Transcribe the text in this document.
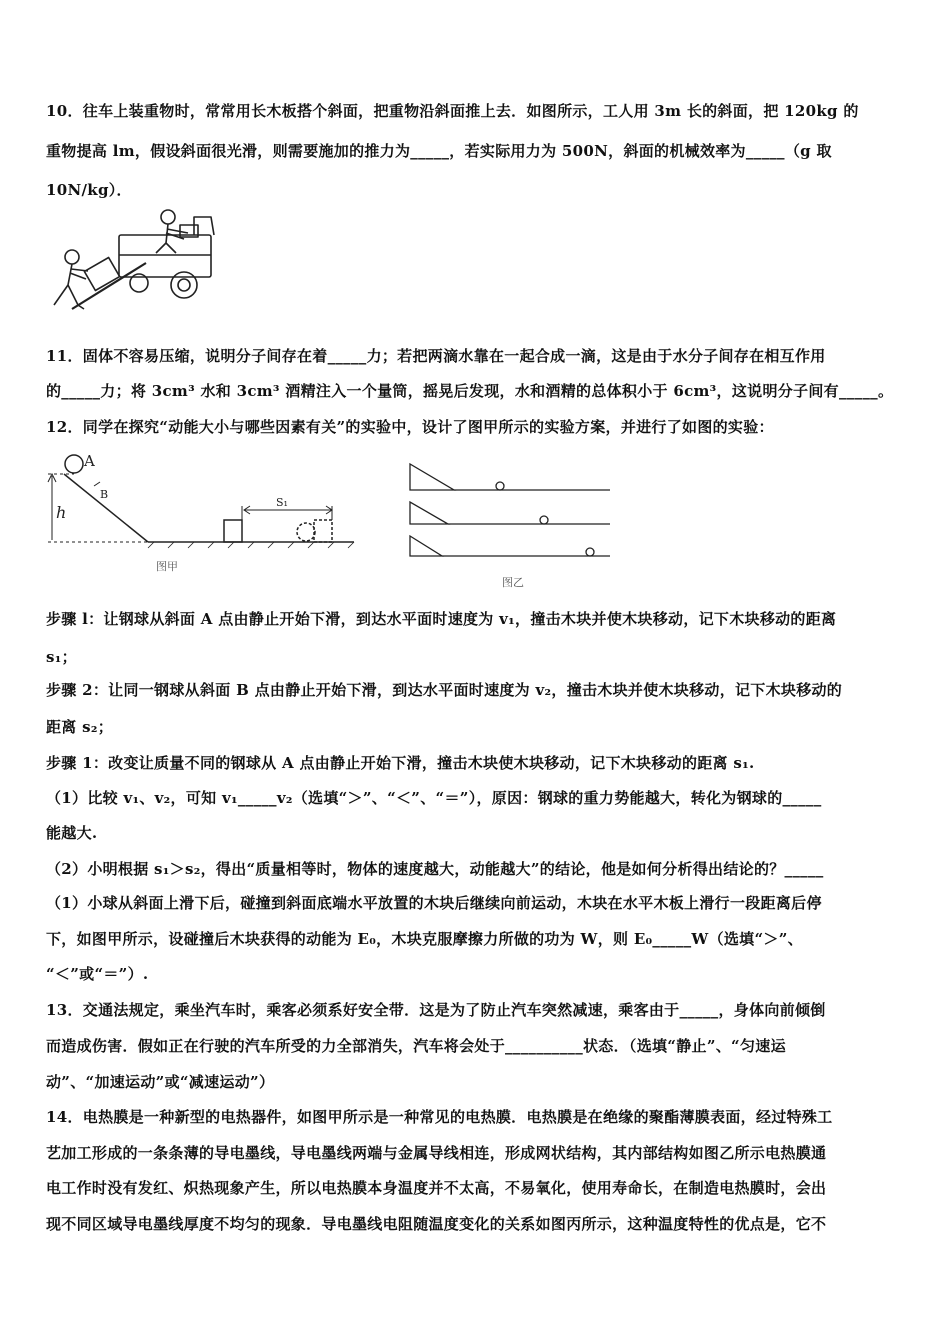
10．往车上装重物时，常常用长木板搭个斜面，把重物沿斜面推上去．如图所示，工人用 3m 长的斜面，把 120kg 的
重物提高 lm，假设斜面很光滑，则需要施加的推力为_____，若实际用力为 500N，斜面的机械效率为_____（g 取
10N/kg）．
11．固体不容易压缩，说明分子间存在着_____力；若把两滴水靠在一起合成一滴，这是由于水分子间存在相互作用
的_____力；将 3cm³ 水和 3cm³ 酒精注入一个量筒，摇晃后发现，水和酒精的总体积小于 6cm³，这说明分子间有_____。
12．同学在探究“动能大小与哪些因素有关”的实验中，设计了图甲所示的实验方案，并进行了如图的实验：
A
B
h
S₁
图甲
图乙
步骤 l：让钢球从斜面 A 点由静止开始下滑，到达水平面时速度为 v₁，撞击木块并使木块移动，记下木块移动的距离
s₁；
步骤 2：让同一钢球从斜面 B 点由静止开始下滑，到达水平面时速度为 v₂，撞击木块并使木块移动，记下木块移动的
距离 s₂；
步骤 1：改变让质量不同的钢球从 A 点由静止开始下滑，撞击木块使木块移动，记下木块移动的距离 s₁.
（1）比较 v₁、v₂，可知 v₁_____v₂（选填“＞”、“＜”、“＝”），原因：钢球的重力势能越大，转化为钢球的_____
能越大.
（2）小明根据 s₁＞s₂，得出“质量相等时，物体的速度越大，动能越大”的结论，他是如何分析得出结论的？_____
（1）小球从斜面上滑下后，碰撞到斜面底端水平放置的木块后继续向前运动，木块在水平木板上滑行一段距离后停
下，如图甲所示，设碰撞后木块获得的动能为 E₀，木块克服摩擦力所做的功为 W，则 E₀_____W（选填“＞”、
“＜”或“＝”）.
13．交通法规定，乘坐汽车时，乘客必须系好安全带．这是为了防止汽车突然减速，乘客由于_____，身体向前倾倒
而造成伤害．假如正在行驶的汽车所受的力全部消失，汽车将会处于__________状态．（选填“静止”、“匀速运
动”、“加速运动”或“减速运动”）
14．电热膜是一种新型的电热器件，如图甲所示是一种常见的电热膜．电热膜是在绝缘的聚酯薄膜表面，经过特殊工
艺加工形成的一条条薄的导电墨线，导电墨线两端与金属导线相连，形成网状结构，其内部结构如图乙所示电热膜通
电工作时没有发红、炽热现象产生，所以电热膜本身温度并不太高，不易氧化，使用寿命长，在制造电热膜时，会出
现不同区域导电墨线厚度不均匀的现象．导电墨线电阻随温度变化的关系如图丙所示，这种温度特性的优点是，它不
